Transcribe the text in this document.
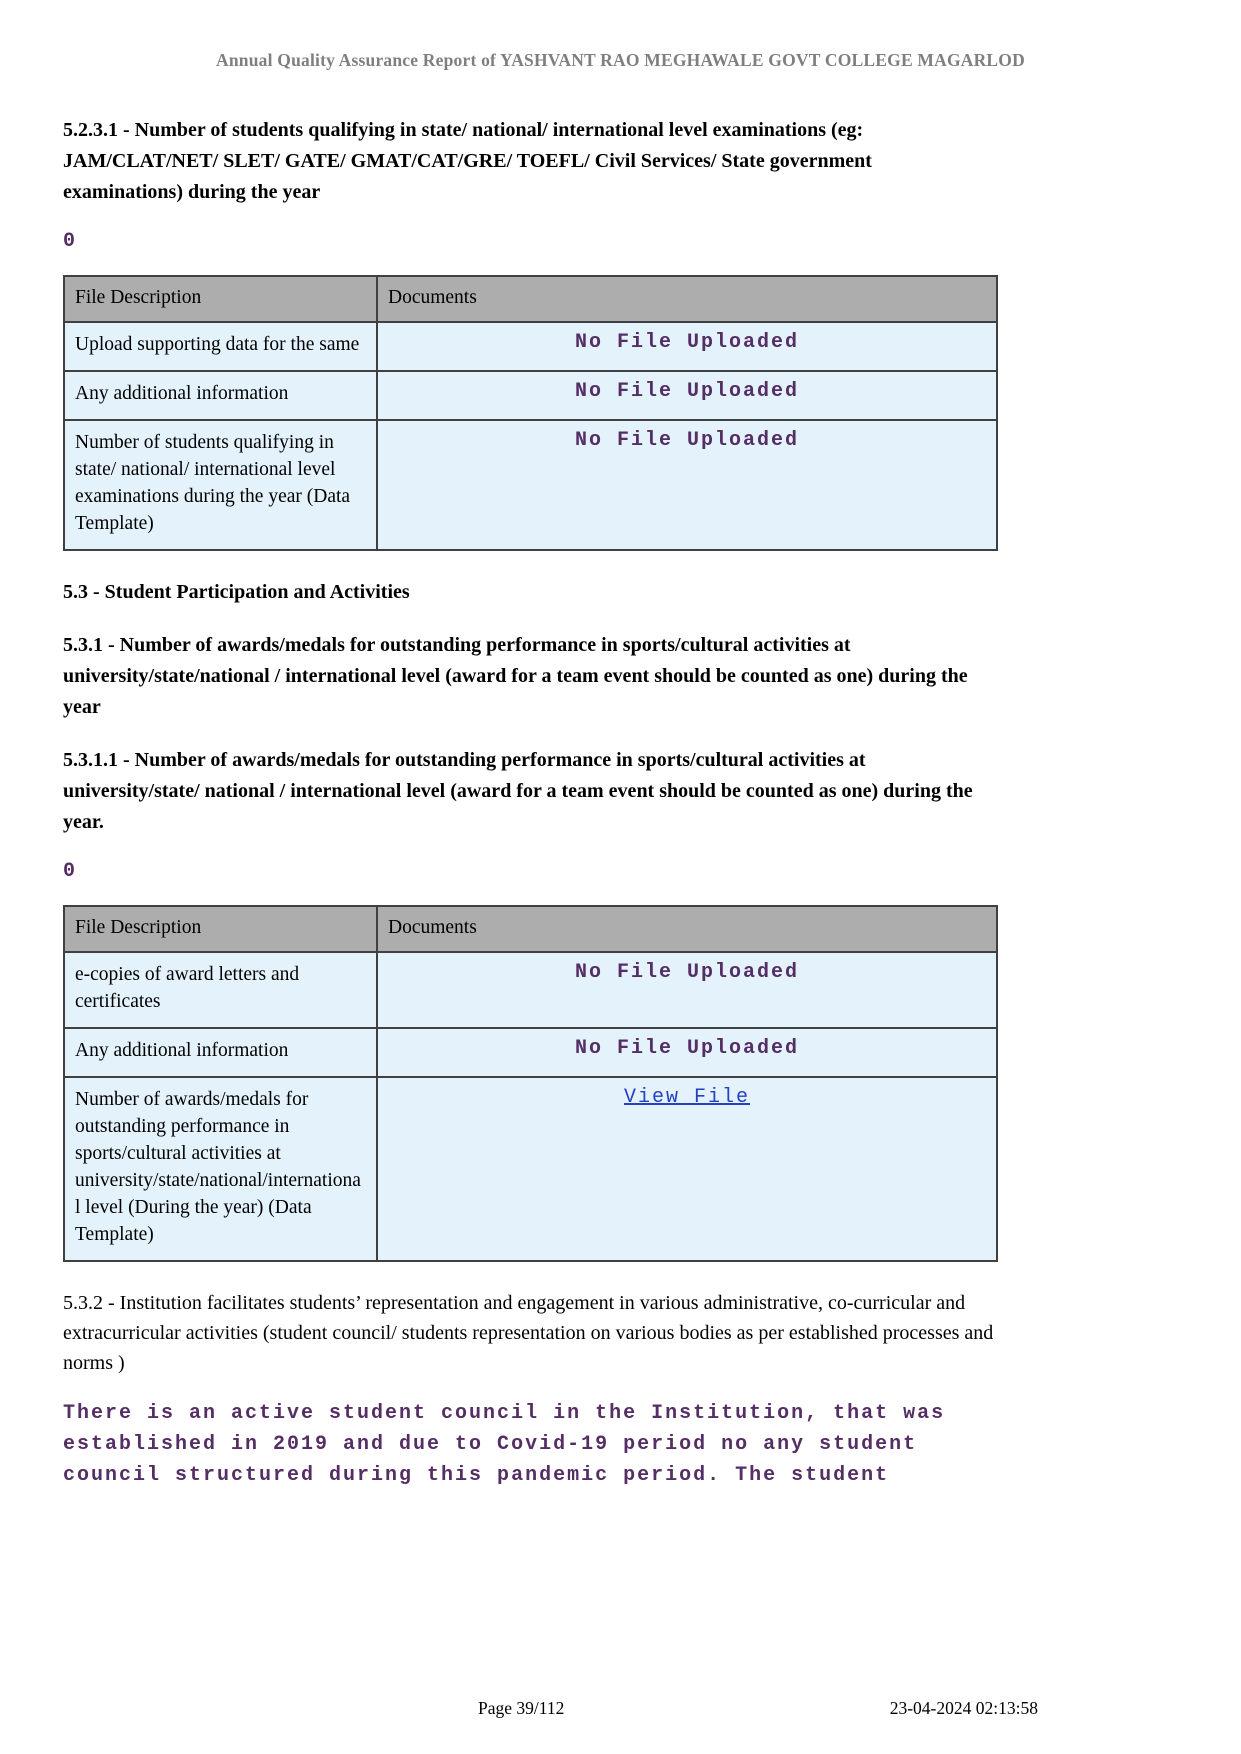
Annual Quality Assurance Report of YASHVANT RAO MEGHAWALE GOVT COLLEGE MAGARLOD
5.2.3.1 - Number of students qualifying in state/ national/ international level examinations (eg: JAM/CLAT/NET/ SLET/ GATE/ GMAT/CAT/GRE/ TOEFL/ Civil Services/ State government examinations) during the year
0
File Description	Documents
Upload supporting data for the same	No File Uploaded
Any additional information	No File Uploaded
Number of students qualifying in state/ national/ international level examinations during the year (Data Template)	No File Uploaded
5.3 - Student Participation and Activities
5.3.1 - Number of awards/medals for outstanding performance in sports/cultural activities at university/state/national / international level (award for a team event should be counted as one) during the year
5.3.1.1 - Number of awards/medals for outstanding performance in sports/cultural activities at university/state/ national / international level (award for a team event should be counted as one) during the year.
0
File Description	Documents
e-copies of award letters and certificates	No File Uploaded
Any additional information	No File Uploaded
Number of awards/medals for outstanding performance in sports/cultural activities at university/state/national/international level (During the year) (Data Template)	View File
5.3.2 - Institution facilitates students’ representation and engagement in various administrative, co-curricular and extracurricular activities (student council/ students representation on various bodies as per established processes and norms )
There is an active student council in the Institution, that was established in 2019 and due to Covid-19 period no any student council structured during this pandemic period. The student
Page 39/112	23-04-2024 02:13:58
